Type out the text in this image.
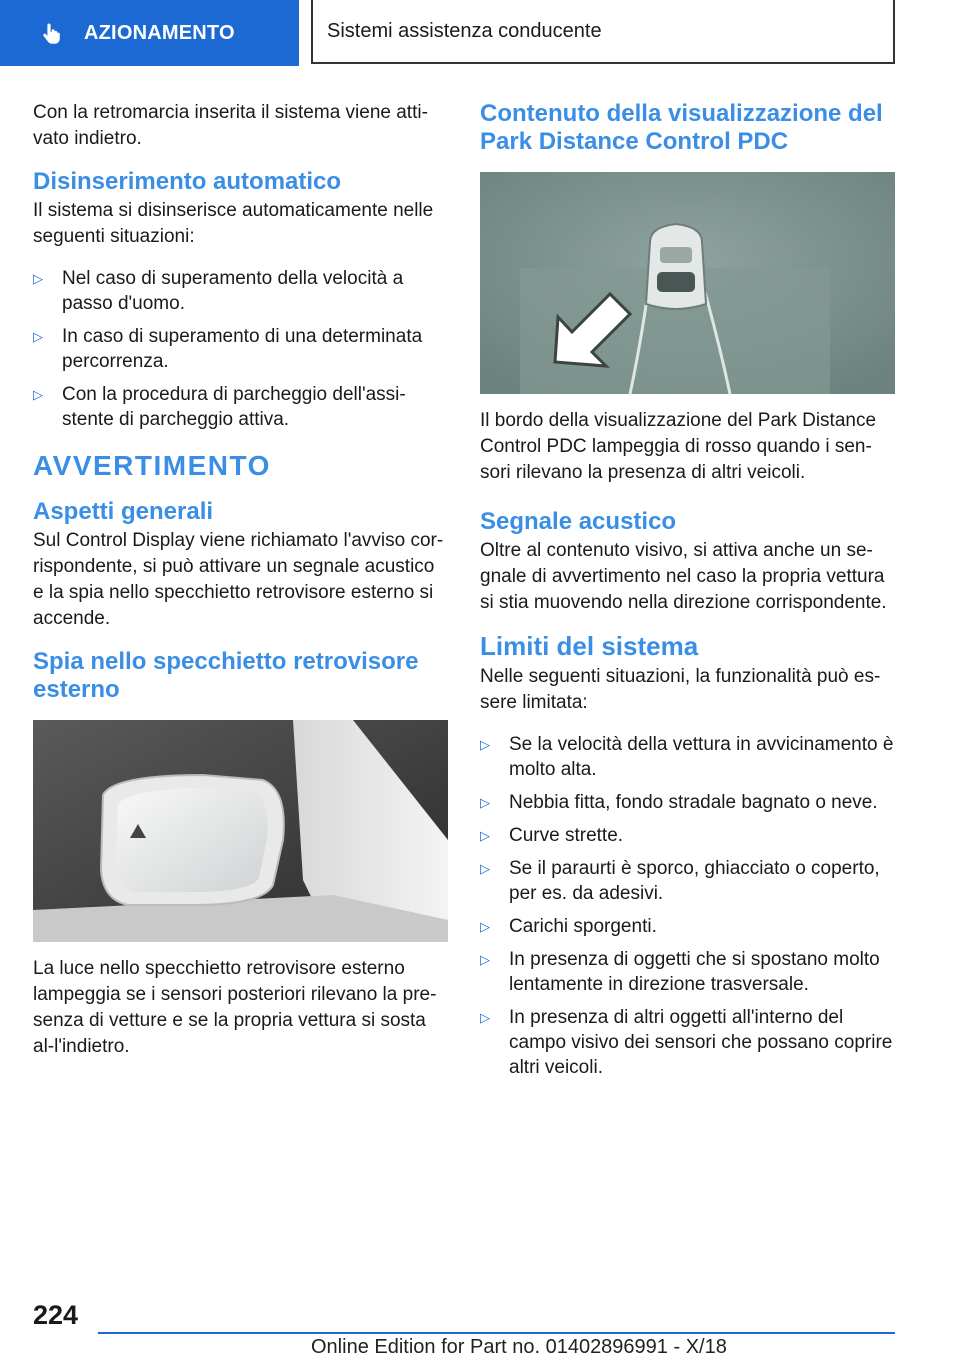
AZIONAMENTO	Sistemi assistenza conducente

Con la retromarcia inserita il sistema viene atti-vato indietro.

Disinserimento automatico

Il sistema si disinserisce automaticamente nelle seguenti situazioni:

▷ Nel caso di superamento della velocità a passo d'uomo.
▷ In caso di superamento di una determinata percorrenza.
▷ Con la procedura di parcheggio dell'assi-stente di parcheggio attiva.
AVVERTIMENTO
Aspetti generali

Sul Control Display viene richiamato l'avviso cor-rispondente, si può attivare un segnale acustico e la spia nello specchietto retrovisore esterno si accende.

Spia nello specchietto retrovisore esterno

La luce nello specchietto retrovisore esterno lampeggia se i sensori posteriori rilevano la pre-senza di vetture e se la propria vettura si sosta al-l'indietro.

Contenuto della visualizzazione del Park Distance Control PDC

Il bordo della visualizzazione del Park Distance Control PDC lampeggia di rosso quando i sen-sori rilevano la presenza di altri veicoli.

Segnale acustico

Oltre al contenuto visivo, si attiva anche un se-gnale di avvertimento nel caso la propria vettura si stia muovendo nella direzione corrispondente.

Limiti del sistema

Nelle seguenti situazioni, la funzionalità può es-sere limitata:

▷ Se la velocità della vettura in avvicinamento è molto alta.
▷ Nebbia fitta, fondo stradale bagnato o neve.
▷ Curve strette.
▷ Se il paraurti è sporco, ghiacciato o coperto, per es. da adesivi.
▷ Carichi sporgenti.
▷ In presenza di oggetti che si spostano molto lentamente in direzione trasversale.
▷ In presenza di altri oggetti all'interno del campo visivo dei sensori che possano coprire altri veicoli.
224
Online Edition for Part no. 01402896991 - X/18
